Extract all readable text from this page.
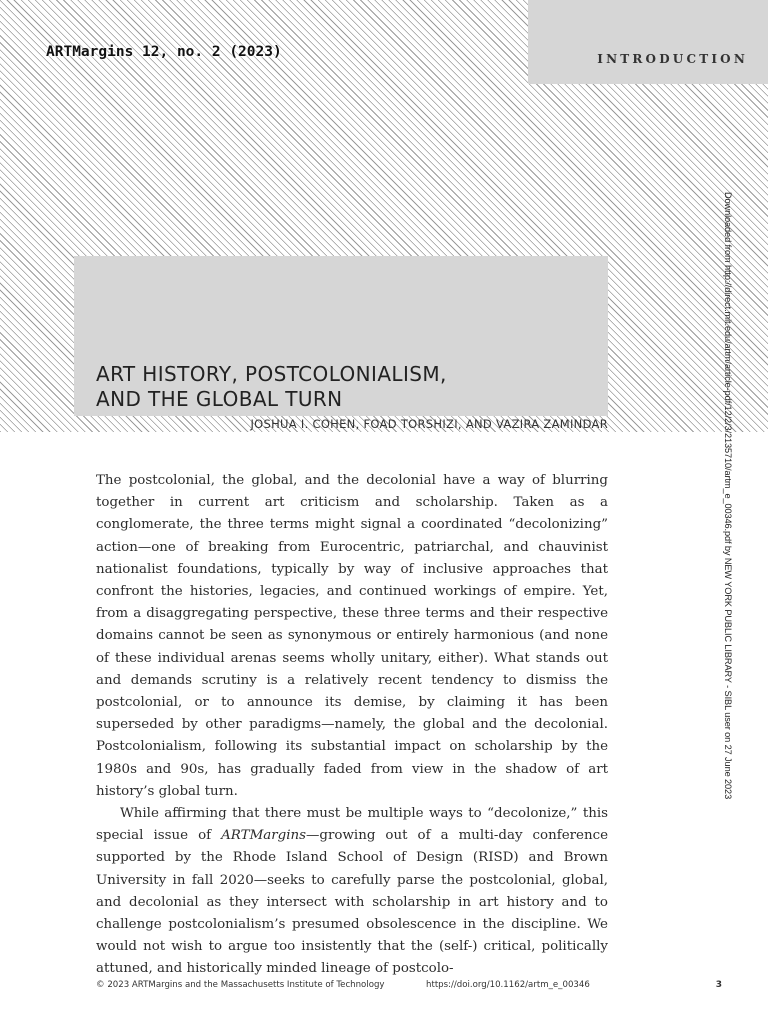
INTRODUCTION
ARTMargins 12, no. 2 (2023)
ART HISTORY, POSTCOLONIALISM,
AND THE GLOBAL TURN
JOSHUA I. COHEN, FOAD TORSHIZI, AND VAZIRA ZAMINDAR

The postcolonial, the global, and the decolonial have a way of blurring together in current art criticism and scholarship. Taken as a conglomerate, the three terms might signal a coordinated “decolonizing” action—one of breaking from Eurocentric, patriarchal, and chauvinist nationalist foundations, typically by way of inclusive approaches that confront the histories, legacies, and continued workings of empire. Yet, from a disaggregating perspective, these three terms and their respective domains cannot be seen as synonymous or entirely harmonious (and none of these individual arenas seems wholly unitary, either). What stands out and demands scrutiny is a relatively recent tendency to dismiss the postcolonial, or to announce its demise, by claiming it has been superseded by other paradigms—namely, the global and the decolonial. Postcolonialism, following its substantial impact on scholarship by the 1980s and 90s, has gradually faded from view in the shadow of art history’s global turn.

While affirming that there must be multiple ways to “decolonize,” this special issue of ARTMargins—growing out of a multi-day conference supported by the Rhode Island School of Design (RISD) and Brown University in fall 2020—seeks to carefully parse the postcolonial, global, and decolonial as they intersect with scholarship in art history and to challenge postcolonialism’s presumed obsolescence in the discipline. We would not wish to argue too insistently that the (self-) critical, politically attuned, and historically minded lineage of postcolo-

Downloaded from http://direct.mit.edu/artm/article-pdf/12/2/3/2135710/artm_e_00346.pdf by NEW YORK PUBLIC LIBRARY - SIBL user on 27 June 2023
© 2023 ARTMargins and the Massachusetts Institute of Technology	https://doi.org/10.1162/artm_e_00346	3
